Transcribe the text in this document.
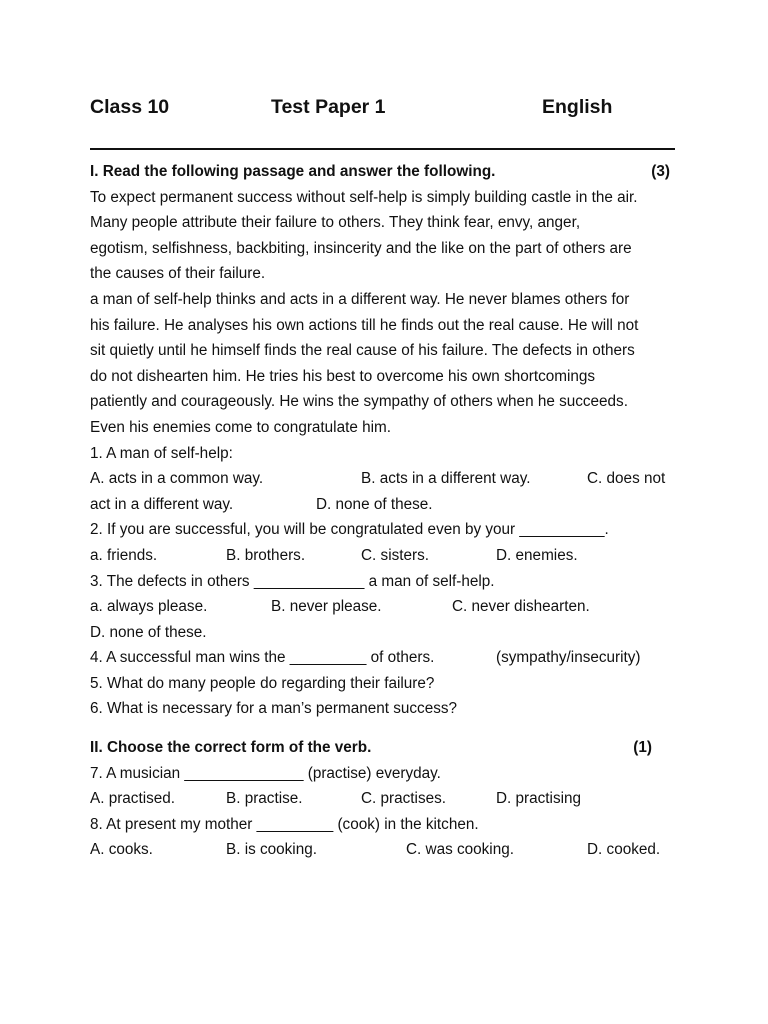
Class 10	Test Paper 1	English
I. Read the following passage and answer the following.	(3)
To expect permanent success without self-help is simply building castle in the air.
Many people attribute their failure to others. They think fear, envy, anger,
egotism, selfishness, backbiting, insincerity and the like on the part of others are
the causes of their failure.
a man of self-help thinks and acts in a different way. He never blames others for
his failure. He analyses his own actions till he finds out the real cause. He will not
sit quietly until he himself finds the real cause of his failure. The defects in others
do not dishearten him. He tries his best to overcome his own shortcomings
patiently and courageously. He wins the sympathy of others when he succeeds.
Even his enemies come to congratulate him.
1. A man of self-help:
A. acts in a common way.	B. acts in a different way.	C. does not
act in a different way.	D. none of these.
2. If you are successful, you will be congratulated even by your __________.
a. friends.	B. brothers.	C. sisters.	D. enemies.
3. The defects in others _____________ a man of self-help.
a. always please.	B. never please.	C. never dishearten.
D. none of these.
4. A successful man wins the _________ of others.	(sympathy/insecurity)
5. What do many people do regarding their failure?
6. What is necessary for a man’s permanent success?
II. Choose the correct form of the verb.	(1)
7. A musician ______________ (practise) everyday.
A. practised.	B. practise.	C. practises.	D. practising
8. At present my mother _________ (cook) in the kitchen.
A. cooks.	B. is cooking.	C. was cooking.	D. cooked.
